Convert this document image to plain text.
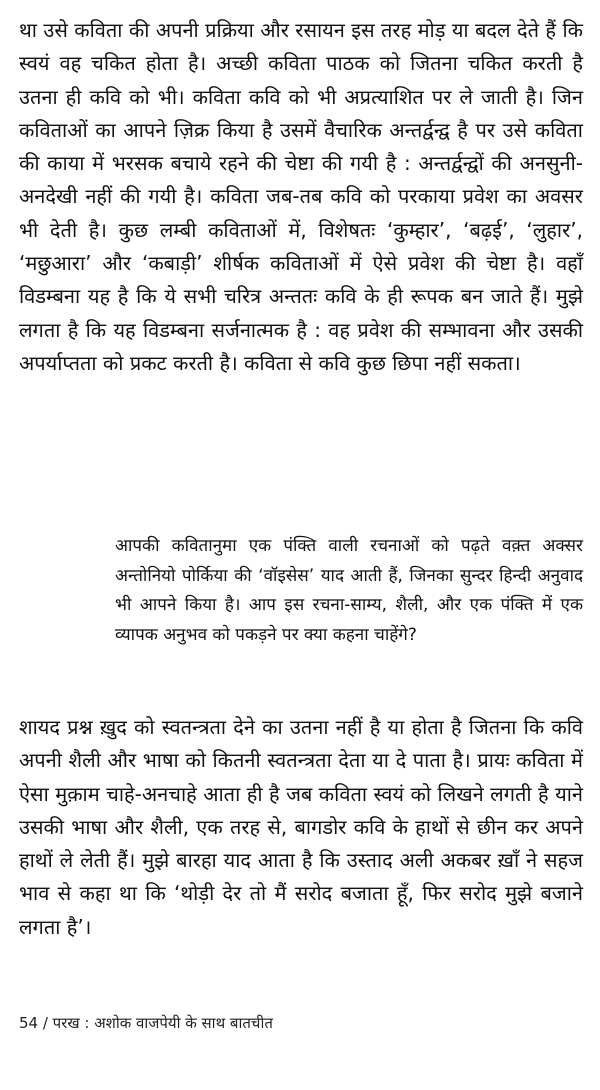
था उसे कविता की अपनी प्रक्रिया और रसायन इस तरह मोड़ या बदल देते हैं कि स्वयं वह चकित होता है। अच्छी कविता पाठक को जितना चकित करती है उतना ही कवि को भी। कविता कवि को भी अप्रत्याशित पर ले जाती है। जिन कविताओं का आपने ज़िक्र किया है उसमें वैचारिक अन्तर्द्वन्द्व है पर उसे कविता की काया में भरसक बचाये रहने की चेष्टा की गयी है : अन्तर्द्वन्द्वों की अनसुनी-अनदेखी नहीं की गयी है। कविता जब-तब कवि को परकाया प्रवेश का अवसर भी देती है। कुछ लम्बी कविताओं में, विशेषतः ‘कुम्हार’, ‘बढ़ई’, ‘लुहार’, ‘मछुआरा’ और ‘कबाड़ी’ शीर्षक कविताओं में ऐसे प्रवेश की चेष्टा है। वहाँ विडम्बना यह है कि ये सभी चरित्र अन्ततः कवि के ही रूपक बन जाते हैं। मुझे लगता है कि यह विडम्बना सर्जनात्मक है : वह प्रवेश की सम्भावना और उसकी अपर्याप्तता को प्रकट करती है। कविता से कवि कुछ छिपा नहीं सकता।

आपकी कवितानुमा एक पंक्ति वाली रचनाओं को पढ़ते वक़्त अक्सर अन्तोनियो पोर्किया की ‘वॉइसेस’ याद आती हैं, जिनका सुन्दर हिन्दी अनुवाद भी आपने किया है। आप इस रचना-साम्य, शैली, और एक पंक्ति में एक व्यापक अनुभव को पकड़ने पर क्या कहना चाहेंगे?

शायद प्रश्न ख़ुद को स्वतन्त्रता देने का उतना नहीं है या होता है जितना कि कवि अपनी शैली और भाषा को कितनी स्वतन्त्रता देता या दे पाता है। प्रायः कविता में ऐसा मुक़ाम चाहे-अनचाहे आता ही है जब कविता स्वयं को लिखने लगती है याने उसकी भाषा और शैली, एक तरह से, बागडोर कवि के हाथों से छीन कर अपने हाथों ले लेती हैं। मुझे बारहा याद आता है कि उस्ताद अली अकबर ख़ाँ ने सहज भाव से कहा था कि ‘थोड़ी देर तो मैं सरोद बजाता हूँ, फिर सरोद मुझे बजाने लगता है’।

54 / परख : अशोक वाजपेयी के साथ बातचीत
